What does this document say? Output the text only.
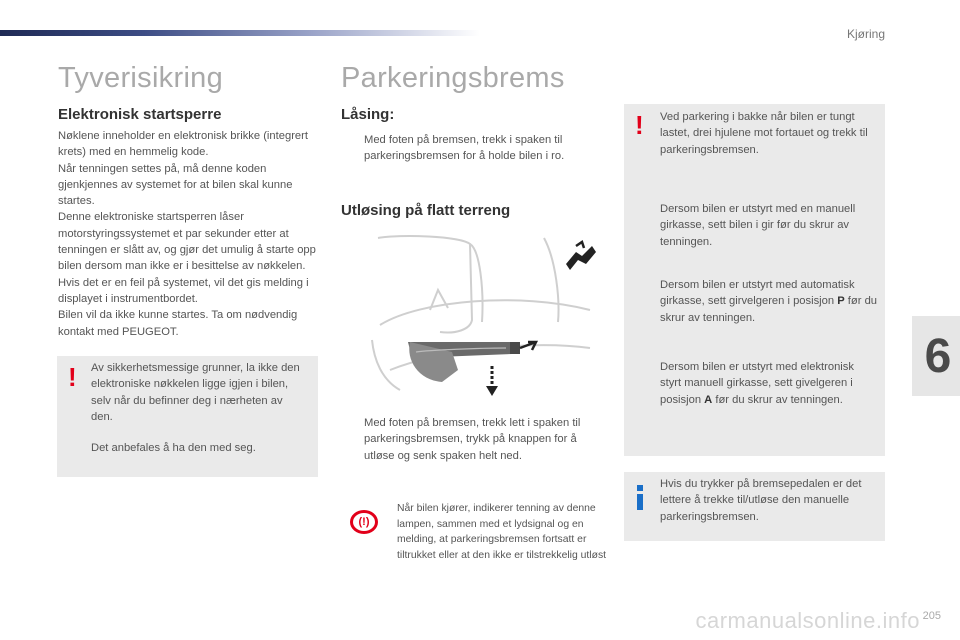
Kjøring
Tyverisikring
Elektronisk startsperre
Nøklene inneholder en elektronisk brikke (integrert krets) med en hemmelig kode.
Når tenningen settes på, må denne koden gjenkjennes av systemet for at bilen skal kunne startes.
Denne elektroniske startsperren låser motorstyringssystemet et par sekunder etter at tenningen er slått av, og gjør det umulig å starte opp bilen dersom man ikke er i besittelse av nøkkelen.
Hvis det er en feil på systemet, vil det gis melding i displayet i instrumentbordet.
Bilen vil da ikke kunne startes. Ta om nødvendig kontakt med PEUGEOT.
! Av sikkerhetsmessige grunner, la ikke den elektroniske nøkkelen ligge igjen i bilen, selv når du befinner deg i nærheten av den.
Det anbefales å ha den med seg.
Parkeringsbrems
Låsing:
Med foten på bremsen, trekk i spaken til parkeringsbremsen for å holde bilen i ro.
Utløsing på flatt terreng
Med foten på bremsen, trekk lett i spaken til parkeringsbremsen, trykk på knappen for å utløse og senk spaken helt ned.
(!)
Når bilen kjører, indikerer tenning av denne lampen, sammen med et lydsignal og en melding, at parkeringsbremsen fortsatt er tiltrukket eller at den ikke er tilstrekkelig utløst
! Ved parkering i bakke når bilen er tungt lastet, drei hjulene mot fortauet og trekk til parkeringsbremsen.
Dersom bilen er utstyrt med en manuell girkasse, sett bilen i gir før du skrur av tenningen.
Dersom bilen er utstyrt med automatisk girkasse, sett girvelgeren i posisjon P før du skrur av tenningen.
Dersom bilen er utstyrt med elektronisk styrt manuell girkasse, sett givelgeren i posisjon A før du skrur av tenningen.
Hvis du trykker på bremsepedalen er det lettere å trekke til/utløse den manuelle parkeringsbremsen.
6
carmanualsonline.info 205
